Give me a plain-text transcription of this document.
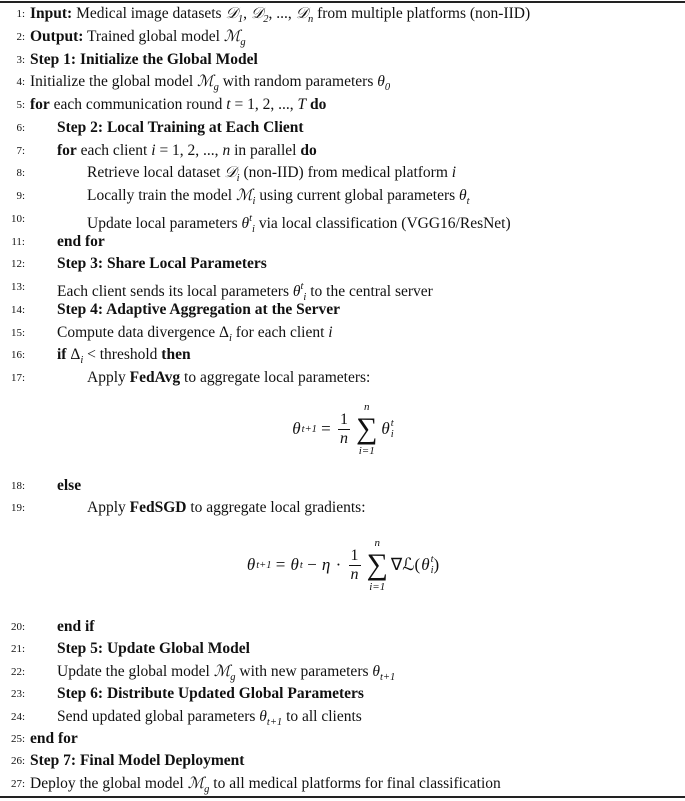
1: Input: Medical image datasets 𝒟$_1$, 𝒟$_2$, ..., 𝒟$_n$ from multiple platforms (non-IID)
2: Output: Trained global model ℳ$_g$
3: Step 1: Initialize the Global Model
4: Initialize the global model ℳ$_g$ with random parameters $\theta_0$
5: for each communication round t = 1, 2, ..., T do
6: Step 2: Local Training at Each Client
7: for each client i = 1, 2, ..., n in parallel do
8:	Retrieve local dataset 𝒟$_i$ (non-IID) from medical platform i
9:	Locally train the model ℳ$_i$ using current global parameters $\theta_t$
10:	Update local parameters $\theta^t_i$ via local classification (VGG16/ResNet)
11: end for
12: Step 3: Share Local Parameters
13: Each client sends its local parameters $\theta^t_i$ to the central server
14: Step 4: Adaptive Aggregation at the Server
15: Compute data divergence $\Delta_i$ for each client i
16: if $\Delta_i$ < threshold then
17:	Apply FedAvg to aggregate local parameters:
18: else
19:	Apply FedSGD to aggregate local gradients:
20: end if
21: Step 5: Update Global Model
22: Update the global model ℳ$_g$ with new parameters $\theta_{t+1}$
23: Step 6: Distribute Updated Global Parameters
24: Send updated global parameters $\theta_{t+1}$ to all clients
25: end for
26: Step 7: Final Model Deployment
27: Deploy the global model ℳ$_g$ to all medical platforms for final classification
θ $t+1 = \frac{1}{n}$
n
∑
i=1
θ t
i
θ t+1 = θ $t - \eta \cdot \frac{1}{n}$
n
∑
i=1
∇ℒ( θ t
i )
